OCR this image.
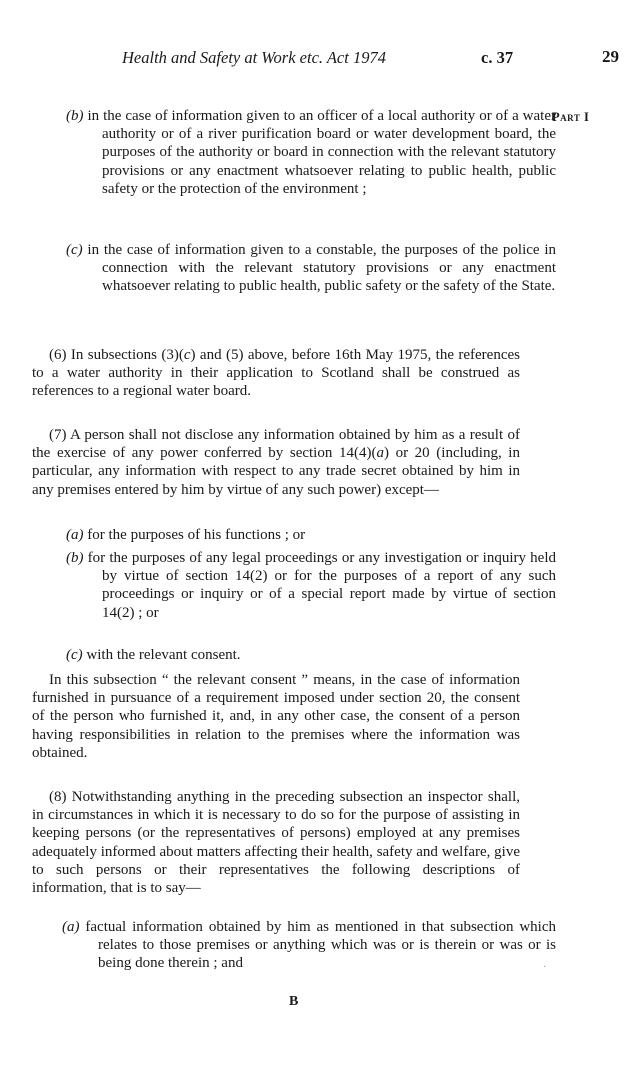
Health and Safety at Work etc. Act 1974	c. 37	29
Part I
(b) in the case of information given to an officer of a local authority or of a water authority or of a river purification board or water development board, the purposes of the authority or board in connection with the relevant statutory provisions or any enactment whatsoever relating to public health, public safety or the protection of the environment ;
(c) in the case of information given to a constable, the purposes of the police in connection with the relevant statutory provisions or any enactment whatsoever relating to public health, public safety or the safety of the State.
(6) In subsections (3)(c) and (5) above, before 16th May 1975, the references to a water authority in their application to Scotland shall be construed as references to a regional water board.
(7) A person shall not disclose any information obtained by him as a result of the exercise of any power conferred by section 14(4)(a) or 20 (including, in particular, any information with respect to any trade secret obtained by him in any premises entered by him by virtue of any such power) except—
(a) for the purposes of his functions ; or
(b) for the purposes of any legal proceedings or any investigation or inquiry held by virtue of section 14(2) or for the purposes of a report of any such proceedings or inquiry or of a special report made by virtue of section 14(2) ; or
(c) with the relevant consent.
In this subsection “ the relevant consent ” means, in the case of information furnished in pursuance of a requirement imposed under section 20, the consent of the person who furnished it, and, in any other case, the consent of a person having responsibilities in relation to the premises where the information was obtained.
(8) Notwithstanding anything in the preceding subsection an inspector shall, in circumstances in which it is necessary to do so for the purpose of assisting in keeping persons (or the representatives of persons) employed at any premises adequately informed about matters affecting their health, safety and welfare, give to such persons or their representatives the following descriptions of information, that is to say—
(a) factual information obtained by him as mentioned in that subsection which relates to those premises or anything which was or is therein or was or is being done therein ; and
B
·
